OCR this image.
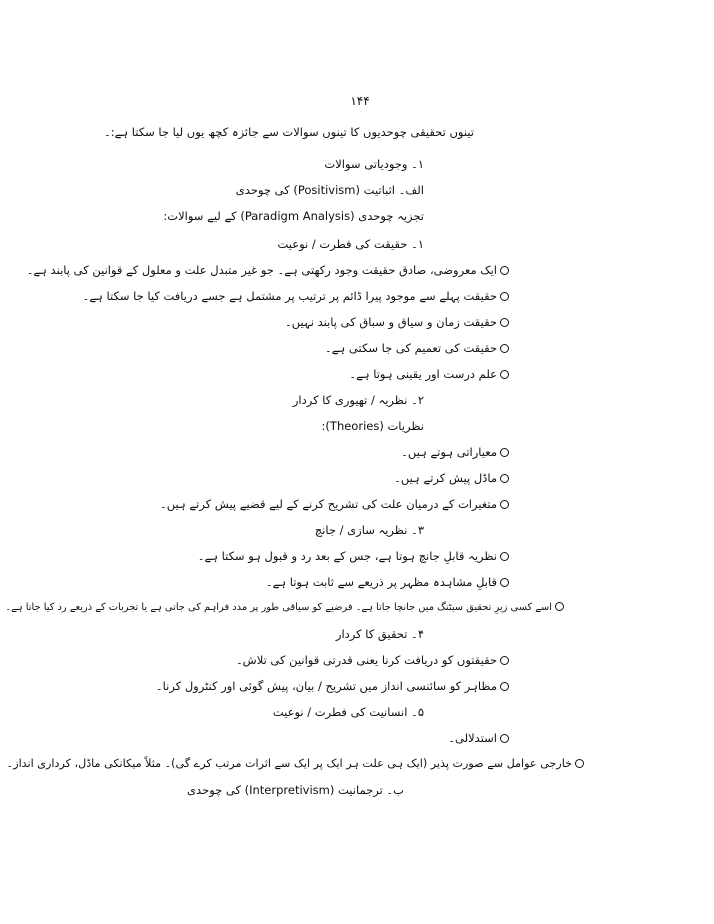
۱۴۴
تینوں تحقیقی چوحدیوں کا تینوں سوالات سے جائزہ کچھ یوں لیا جا سکتا ہے:۔
۱۔ وجودیاتی سوالات
الف۔ اثباتیت (Positivism) کی چوحدی
تجزیہ چوحدی (Paradigm Analysis) کے لیے سوالات:
۱۔ حقیقت کی فطرت / نوعیت
ایک معروضی، صادق حقیقت وجود رکھتی ہے۔ جو غیر متبدل علت و معلول کے قوانین کی پابند ہے۔
حقیقت پہلے سے موجود پیرا ڈائم پر ترتیب پر مشتمل ہے جسے دریافت کیا جا سکتا ہے۔
حقیقت زمان و سیاق و سباق کی پابند نہیں۔
حقیقت کی تعمیم کی جا سکتی ہے۔
علم درست اور یقینی ہوتا ہے۔
۲۔ نظریہ / تھیوری کا کردار
نظریات (Theories):
معیاراتی ہوتے ہیں۔
ماڈل پیش کرتے ہیں۔
متغیرات کے درمیان علت کی تشریح کرنے کے لیے قضیے پیش کرتے ہیں۔
۳۔ نظریہ سازی / جانچ
نظریہ قابلِ جانچ ہوتا ہے، جس کے بعد رد و قبول ہو سکتا ہے۔
قابلِ مشاہدہ مظہر پر ذریعے سے ثابت ہوتا ہے۔
اسے کسی زیرِ تحقیق سیٹنگ میں جانچا جاتا ہے۔ فرضیے کو سیاقی طور پر مدد فراہم کی جاتی ہے یا تجربات کے ذریعے رد کیا جاتا ہے۔
۴۔ تحقیق کا کردار
حقیقتوں کو دریافت کرنا یعنی قدرتی قوانین کی تلاش۔
مظاہر کو سائنسی انداز میں تشریح / بیان، پیش گوئی اور کنٹرول کرنا۔
۵۔ انسانیت کی فطرت / نوعیت
استدلالی۔
خارجی عوامل سے صورت پذیر (ایک ہی علت ہر ایک پر ایک سے اثرات مرتب کرے گی)۔ مثلاً میکانکی ماڈل، کرداری انداز۔
ب۔ ترجمانیت (Interpretivism) کی چوحدی
